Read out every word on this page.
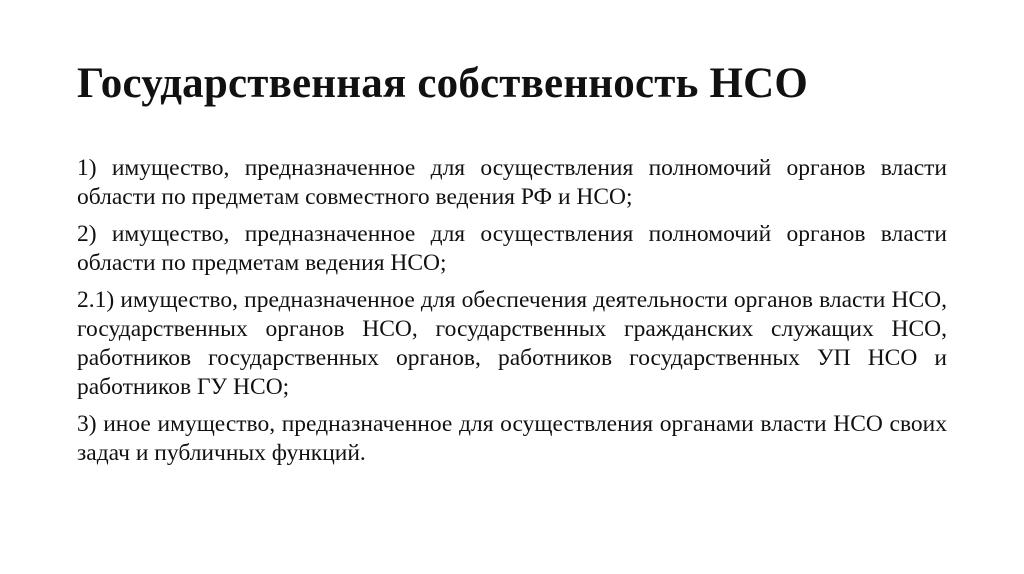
Государственная собственность НСО

1) имущество, предназначенное для осуществления полномочий органов власти области по предметам совместного ведения РФ и НСО;

2) имущество, предназначенное для осуществления полномочий органов власти области по предметам ведения НСО;

2.1) имущество, предназначенное для обеспечения деятельности органов власти НСО, государственных органов НСО, государственных гражданских служащих НСО, работников государственных органов, работников государственных УП НСО и работников ГУ НСО;

3) иное имущество, предназначенное для осуществления органами власти НСО своих задач и публичных функций.
